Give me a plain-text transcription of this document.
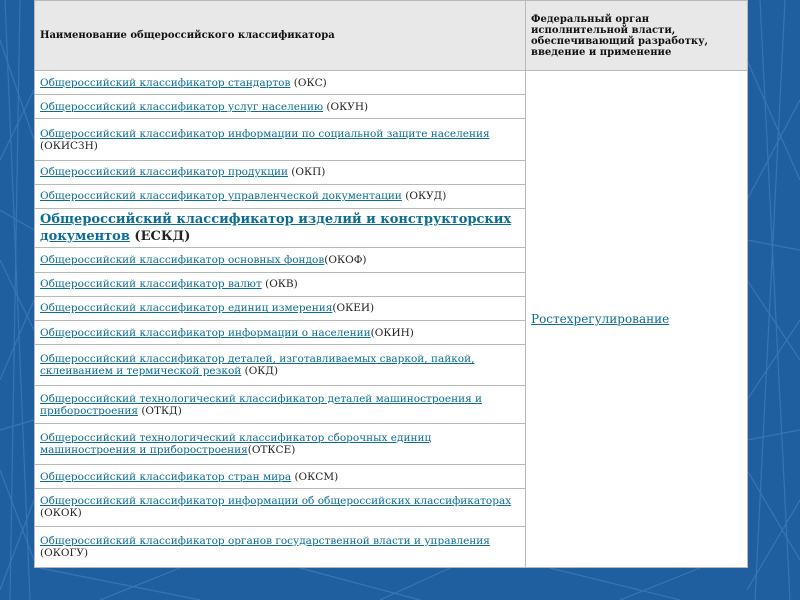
Наименование общероссийского классификатора	Федеральный орган исполнительной власти, обеспечивающий разработку, введение и применение
Общероссийский классификатор стандартов (ОКС)	Ростехрегулирование
Общероссийский классификатор услуг населению (ОКУН)	
Общероссийский классификатор информации по социальной защите населения (ОКИСЗН)	
Общероссийский классификатор продукции (ОКП)	
Общероссийский классификатор управленческой документации (ОКУД)	
Общероссийский классификатор изделий и конструкторских документов (ЕСКД)	
Общероссийский классификатор основных фондов(ОКОФ)	
Общероссийский классификатор валют (ОКВ)	
Общероссийский классификатор единиц измерения(ОКЕИ)	
Общероссийский классификатор информации о населении(ОКИН)	
Общероссийский классификатор деталей, изготавливаемых сваркой, пайкой, склеиванием и термической резкой (ОКД)	
Общероссийский технологический классификатор деталей машиностроения и приборостроения (ОТКД)	
Общероссийский технологический классификатор сборочных единиц машиностроения и приборостроения(ОТКСЕ)	
Общероссийский классификатор стран мира (ОКСМ)	
Общероссийский классификатор информации об общероссийских классификаторах (ОКОК)	
Общероссийский классификатор органов государственной власти и управления (ОКОГУ)	
